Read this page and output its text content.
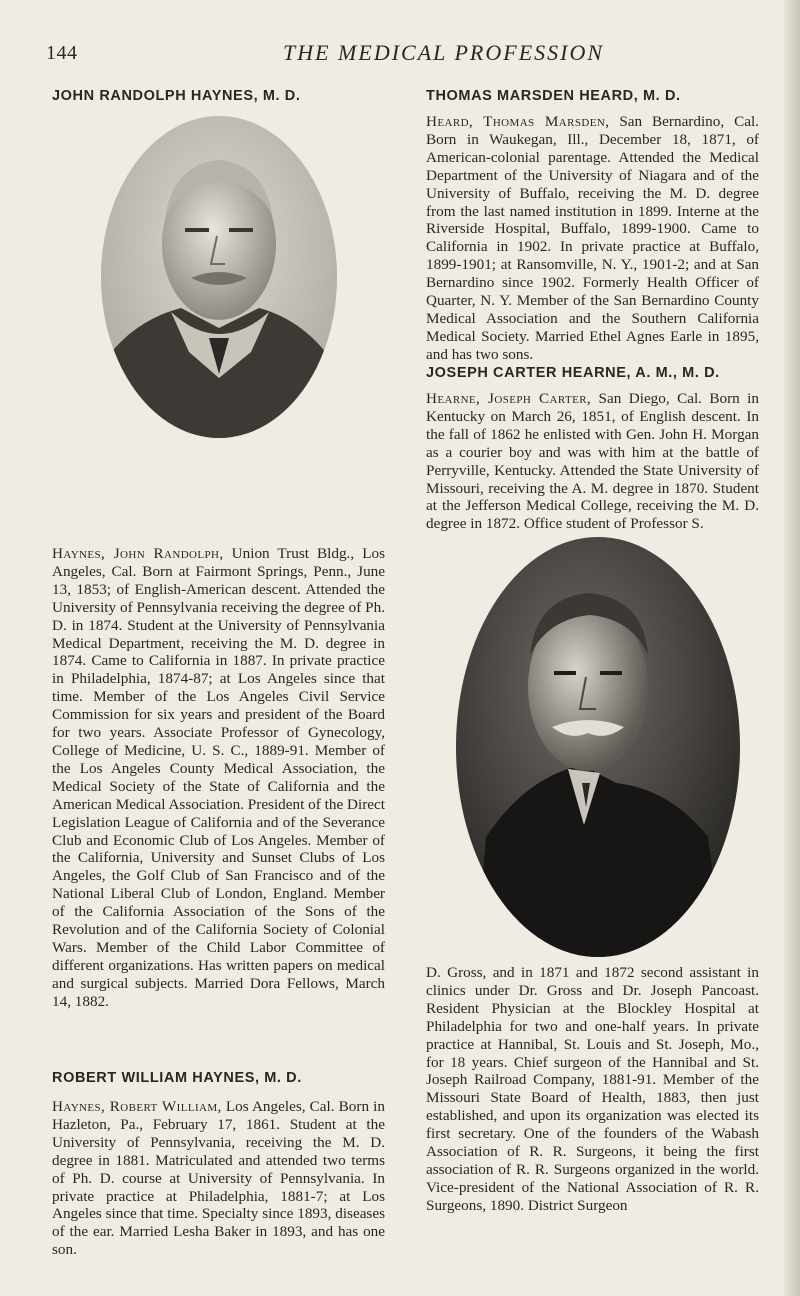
144	THE MEDICAL PROFESSION
JOHN RANDOLPH HAYNES, M. D.

Haynes, John Randolph, Union Trust Bldg., Los Angeles, Cal. Born at Fairmont Springs, Penn., June 13, 1853; of English-American descent. Attended the University of Pennsylvania receiving the degree of Ph. D. in 1874. Student at the University of Pennsylvania Medical Department, receiving the M. D. degree in 1874. Came to California in 1887. In private practice in Philadelphia, 1874-87; at Los Angeles since that time. Member of the Los Angeles Civil Service Commission for six years and president of the Board for two years. Associate Professor of Gynecology, College of Medicine, U. S. C., 1889-91. Member of the Los Angeles County Medical Association, the Medical Society of the State of California and the American Medical Association. President of the Direct Legislation League of California and of the Severance Club and Economic Club of Los Angeles. Member of the California, University and Sunset Clubs of Los Angeles, the Golf Club of San Francisco and of the National Liberal Club of London, England. Member of the California Association of the Sons of the Revolution and of the California Society of Colonial Wars. Member of the Child Labor Committee of different organizations. Has written papers on medical and surgical subjects. Married Dora Fellows, March 14, 1882.

ROBERT WILLIAM HAYNES, M. D.

Haynes, Robert William, Los Angeles, Cal. Born in Hazleton, Pa., February 17, 1861. Student at the University of Pennsylvania, receiving the M. D. degree in 1881. Matriculated and attended two terms of Ph. D. course at University of Pennsylvania. In private practice at Philadelphia, 1881-7; at Los Angeles since that time. Specialty since 1893, diseases of the ear. Married Lesha Baker in 1893, and has one son.

THOMAS MARSDEN HEARD, M. D.

Heard, Thomas Marsden, San Bernardino, Cal. Born in Waukegan, Ill., December 18, 1871, of American-colonial parentage. Attended the Medical Department of the University of Niagara and of the University of Buffalo, receiving the M. D. degree from the last named institution in 1899. Interne at the Riverside Hospital, Buffalo, 1899-1900. Came to California in 1902. In private practice at Buffalo, 1899-1901; at Ransomville, N. Y., 1901-2; and at San Bernardino since 1902. Formerly Health Officer of Quarter, N. Y. Member of the San Bernardino County Medical Association and the Southern California Medical Society. Married Ethel Agnes Earle in 1895, and has two sons.

JOSEPH CARTER HEARNE, A. M., M. D.

Hearne, Joseph Carter, San Diego, Cal. Born in Kentucky on March 26, 1851, of English descent. In the fall of 1862 he enlisted with Gen. John H. Morgan as a courier boy and was with him at the battle of Perryville, Kentucky. Attended the State University of Missouri, receiving the A. M. degree in 1870. Student at the Jefferson Medical College, receiving the M. D. degree in 1872. Office student of Professor S.

D. Gross, and in 1871 and 1872 second assistant in clinics under Dr. Gross and Dr. Joseph Pancoast. Resident Physician at the Blockley Hospital at Philadelphia for two and one-half years. In private practice at Hannibal, St. Louis and St. Joseph, Mo., for 18 years. Chief surgeon of the Hannibal and St. Joseph Railroad Company, 1881-91. Member of the Missouri State Board of Health, 1883, then just established, and upon its organization was elected its first secretary. One of the founders of the Wabash Association of R. R. Surgeons, it being the first association of R. R. Surgeons organized in the world. Vice-president of the National Association of R. R. Surgeons, 1890. District Surgeon
